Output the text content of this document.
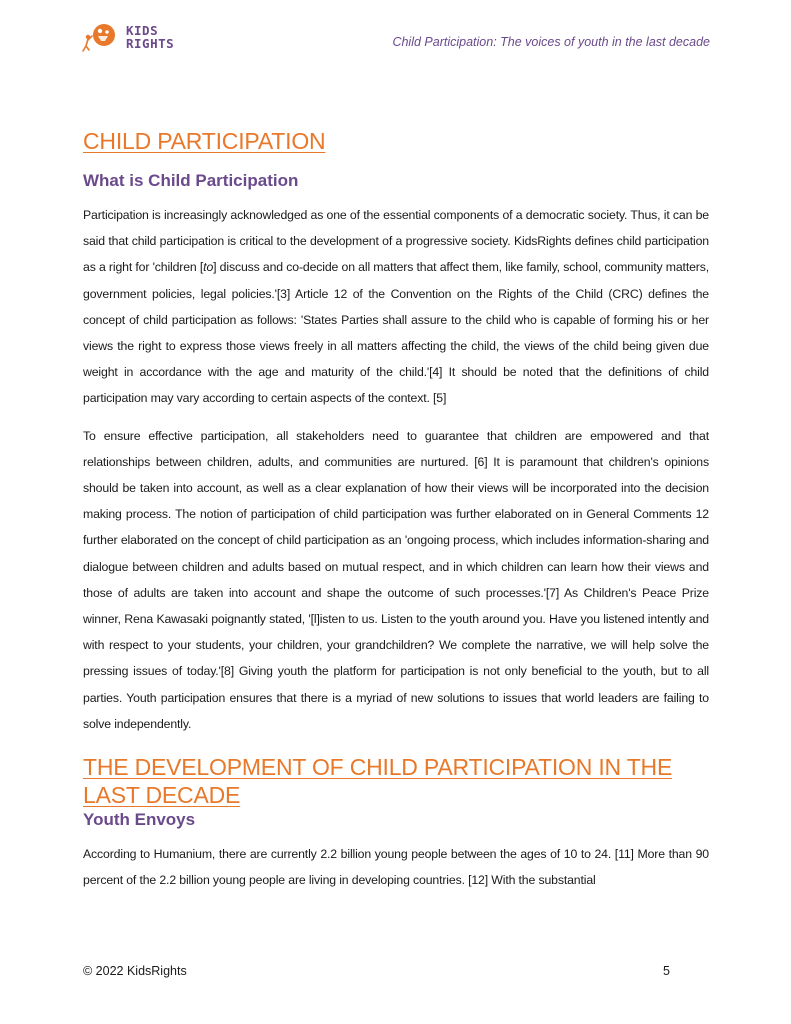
KIDS
RIGHTS	Child Participation: The voices of youth in the last decade
CHILD PARTICIPATION
What is Child Participation

Participation is increasingly acknowledged as one of the essential components of a democratic society. Thus, it can be said that child participation is critical to the development of a progressive society. KidsRights defines child participation as a right for 'children [to] discuss and co-decide on all matters that affect them, like family, school, community matters, government policies, legal policies.'[3] Article 12 of the Convention on the Rights of the Child (CRC) defines the concept of child participation as follows: 'States Parties shall assure to the child who is capable of forming his or her views the right to express those views freely in all matters affecting the child, the views of the child being given due weight in accordance with the age and maturity of the child.'[4] It should be noted that the definitions of child participation may vary according to certain aspects of the context. [5]

To ensure effective participation, all stakeholders need to guarantee that children are empowered and that relationships between children, adults, and communities are nurtured. [6] It is paramount that children's opinions should be taken into account, as well as a clear explanation of how their views will be incorporated into the decision making process. The notion of participation of child participation was further elaborated on in General Comments 12 further elaborated on the concept of child participation as an 'ongoing process, which includes information-sharing and dialogue between children and adults based on mutual respect, and in which children can learn how their views and those of adults are taken into account and shape the outcome of such processes.'[7] As Children's Peace Prize winner, Rena Kawasaki poignantly stated, '[l]isten to us. Listen to the youth around you. Have you listened intently and with respect to your students, your children, your grandchildren? We complete the narrative, we will help solve the pressing issues of today.'[8] Giving youth the platform for participation is not only beneficial to the youth, but to all parties. Youth participation ensures that there is a myriad of new solutions to issues that world leaders are failing to solve independently.

THE DEVELOPMENT OF CHILD PARTICIPATION IN THE LAST DECADE
Youth Envoys

According to Humanium, there are currently 2.2 billion young people between the ages of 10 to 24. [11] More than 90 percent of the 2.2 billion young people are living in developing countries. [12] With the substantial

© 2022 KidsRights	5
